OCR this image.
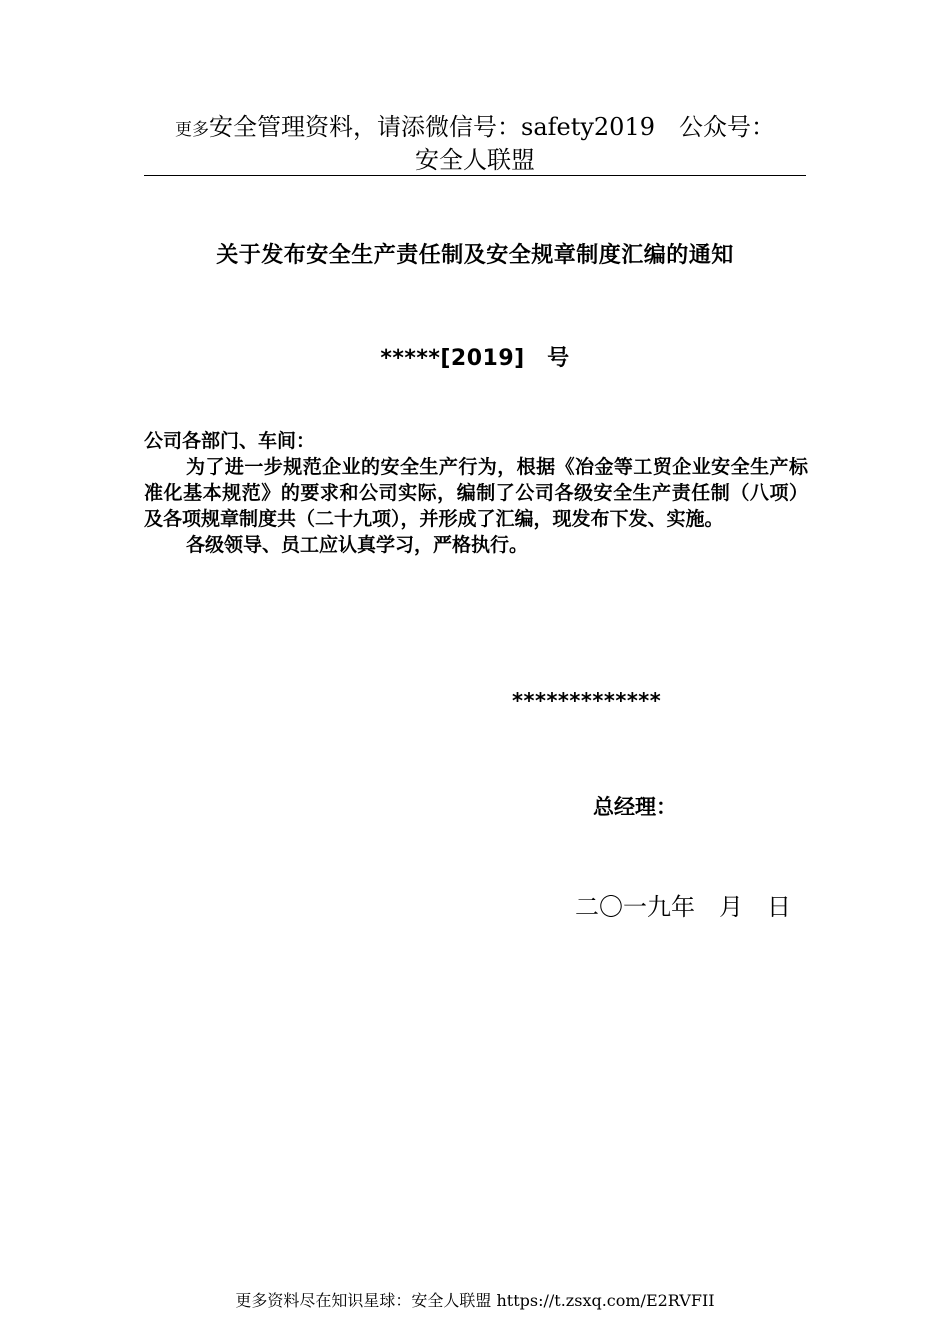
更多安全管理资料，请添微信号：safety2019　公众号：
安全人联盟
关于发布安全生产责任制及安全规章制度汇编的通知
*****[2019]　号

公司各部门、车间：

为了进一步规范企业的安全生产行为，根据《冶金等工贸企业安全生产标准化基本规范》的要求和公司实际，编制了公司各级安全生产责任制（八项）及各项规章制度共（二十九项），并形成了汇编，现发布下发、实施。

各级领导、员工应认真学习，严格执行。

*************
总经理：
二〇一九年　月　日
更多资料尽在知识星球：安全人联盟 https://t.zsxq.com/E2RVFII
